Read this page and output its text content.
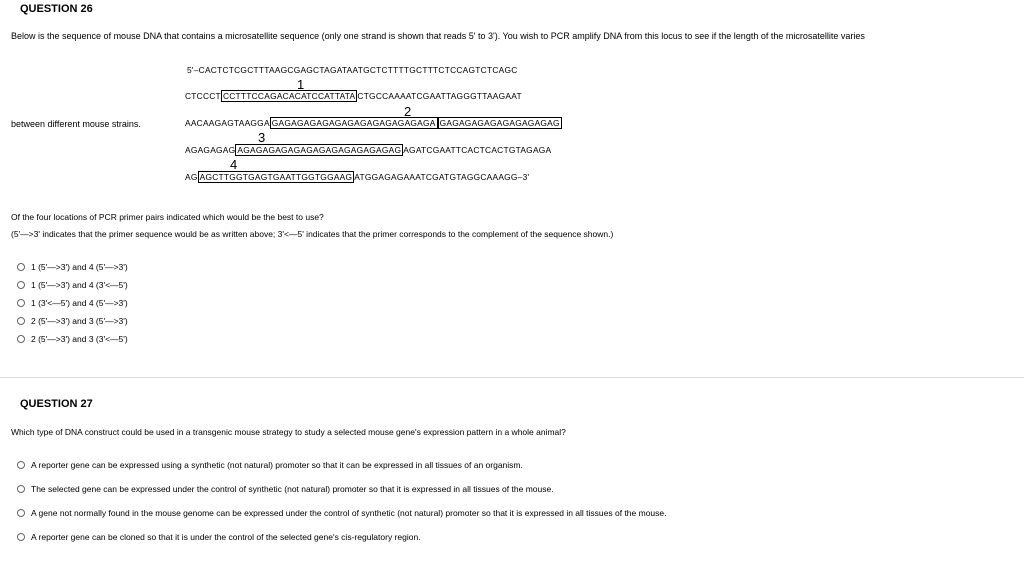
QUESTION 26
Below is the sequence of mouse DNA that contains a microsatellite sequence (only one strand is shown that reads 5' to 3'). You wish to PCR amplify DNA from this locus to see if the length of the microsatellite varies
between different mouse strains.
5'–CACTCTCGCTTTAAGCGAGCTAGATAATGCTCTTTTGCTTTCTCCAGTCTCAGC
1
CTCCCT CCTTTCCAGACACATCCATTATA CTGCCAAAATCGAATTAGGGTTAAGAAT
2
AACAAGAGTAAGGA GAGAGAGAGAGAGAGAGAGAGAGAGA GAGAGAGAGAGAGAGAGAG
3
AGAGAGAG AGAGAGAGAGAGAGAGAGAGAGAGAG AGATCGAATTCACTCACTGTAGAGA
4
AG AGCTTGGTGAGTGAATTGGTGGAAG ATGGAGAGAAATCGATGTAGGCAAAGG–3'
Of the four locations of PCR primer pairs indicated which would be the best to use?
(5'—>3' indicates that the primer sequence would be as written above; 3'<—5' indicates that the primer corresponds to the complement of the sequence shown.)
1 (5'—>3') and 4 (5'—>3')
1 (5'—>3') and 4 (3'<—5')
1 (3'<—5') and 4 (5'—>3')
2 (5'—>3') and 3 (5'—>3')
2 (5'—>3') and 3 (3'<—5')
QUESTION 27
Which type of DNA construct could be used in a transgenic mouse strategy to study a selected mouse gene's expression pattern in a whole animal?
A reporter gene can be expressed using a synthetic (not natural) promoter so that it can be expressed in all tissues of an organism.
The selected gene can be expressed under the control of synthetic (not natural) promoter so that it is expressed in all tissues of the mouse.
A gene not normally found in the mouse genome can be expressed under the control of synthetic (not natural) promoter so that it is expressed in all tissues of the mouse.
A reporter gene can be cloned so that it is under the control of the selected gene's cis-regulatory region.
